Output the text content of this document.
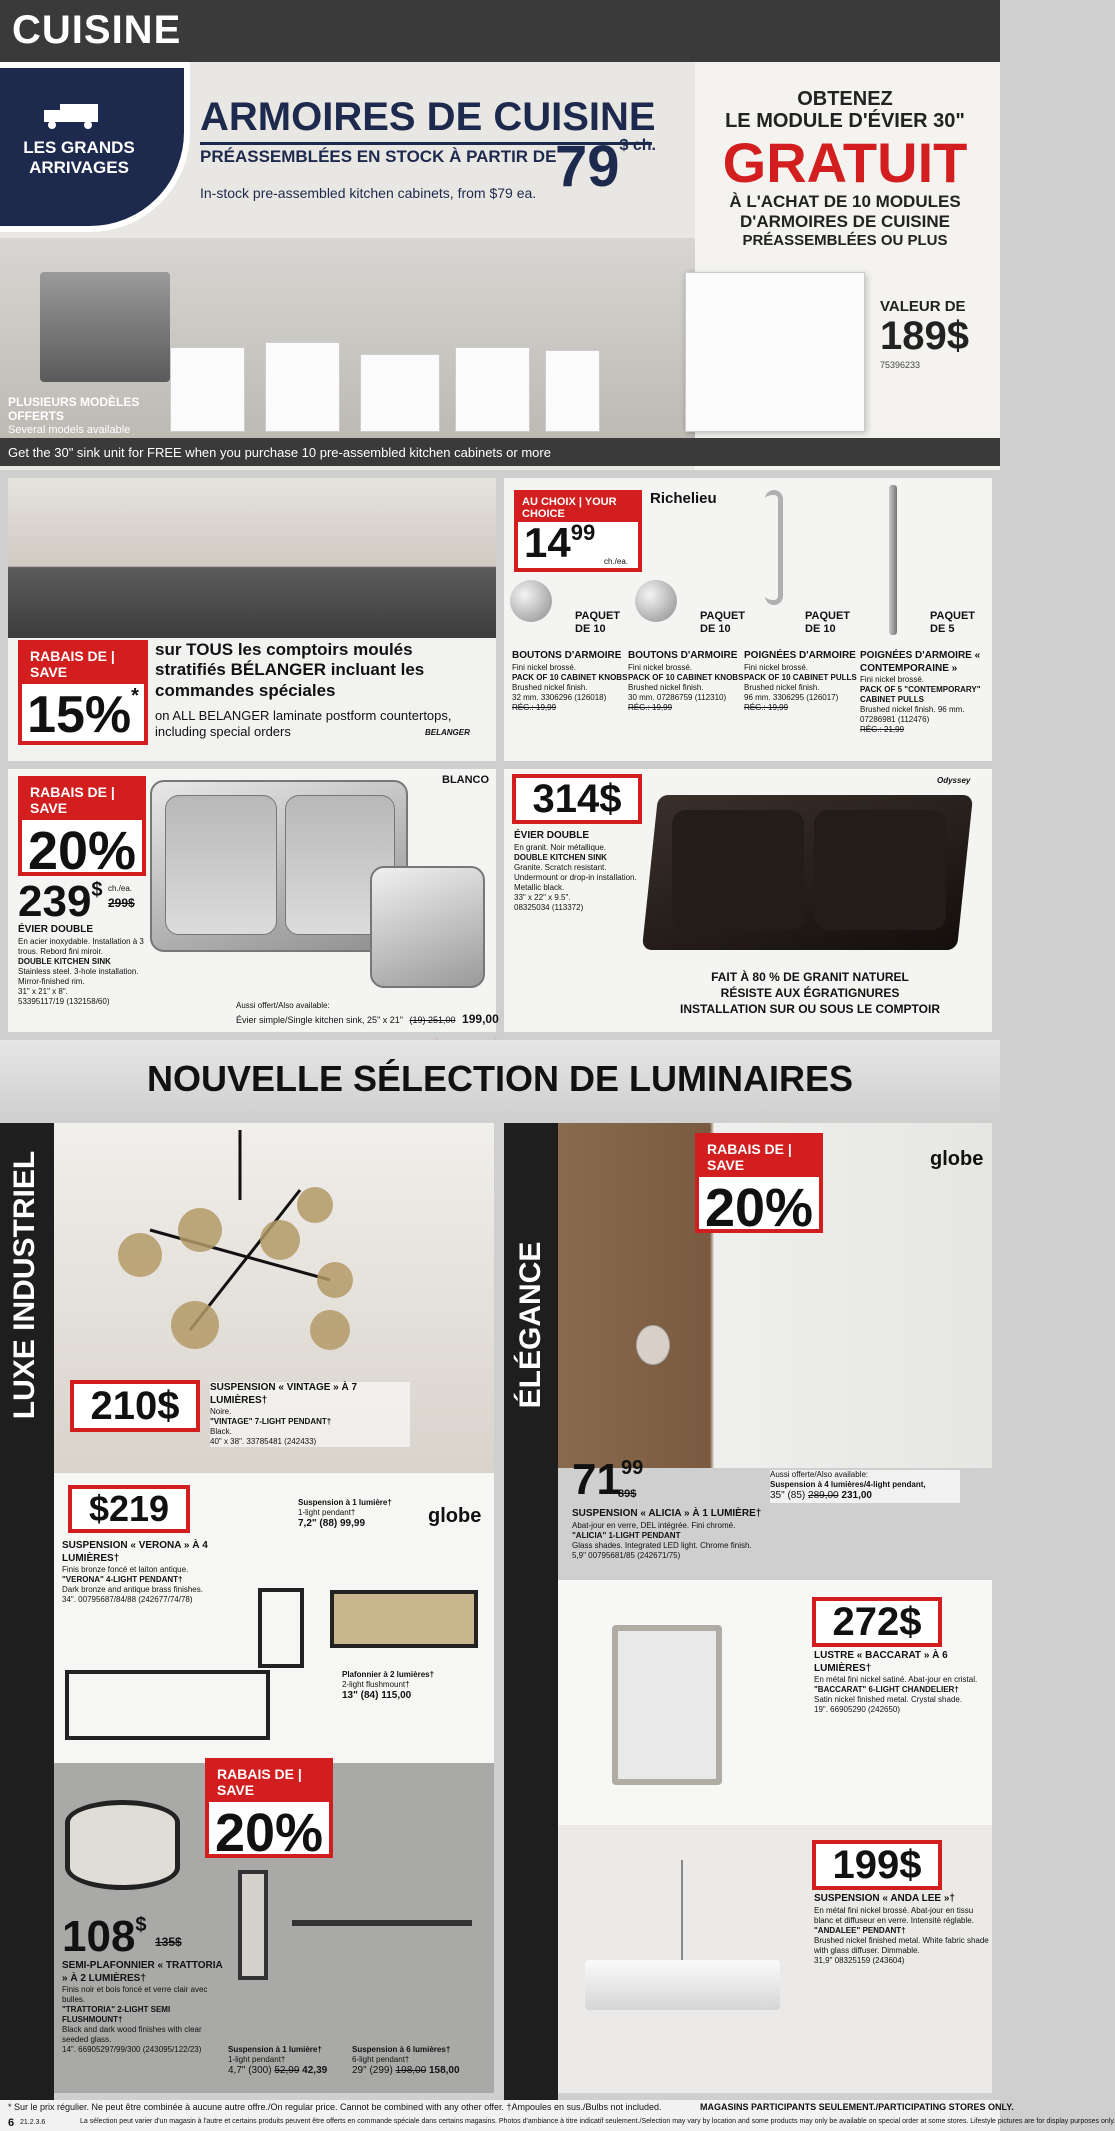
CUISINE
LES GRANDS ARRIVAGES
ARMOIRES DE CUISINE
PRÉASSEMBLÉES EN STOCK À PARTIR DE
$79^{\$ ch.}$
In-stock pre-assembled kitchen cabinets, from $79 ea.
OBTENEZ
LE MODULE D'ÉVIER 30"
GRATUIT
À L'ACHAT DE 10 MODULES
D'ARMOIRES DE CUISINE
PRÉASSEMBLÉES OU PLUS
VALEUR DE
189$
75396233
PLUSIEURS MODÈLES OFFERTS
Several models available
Get the 30" sink unit for FREE when you purchase 10 pre-assembled kitchen cabinets or more
RABAIS DE | SAVE
15%*
sur TOUS les comptoirs moulés stratifiés BÉLANGER incluant les commandes spéciales
on ALL BELANGER laminate postform countertops, including special orders	BELANGER
AU CHOIX | YOUR CHOICE
$14^{99}$
ch./ea.
Richelieu
PAQUET DE 10
PAQUET DE 10
PAQUET DE 10
PAQUET DE 5
BOUTONS D'ARMOIRE
Fini nickel brossé.
PACK OF 10 CABINET KNOBS
Brushed nickel finish.
32 mm. 3306296 (126018)
RÉG.: 19,99
BOUTONS D'ARMOIRE
Fini nickel brossé.
PACK OF 10 CABINET KNOBS
Brushed nickel finish.
30 mm. 07286759 (112310)
RÉG.: 19,99
POIGNÉES D'ARMOIRE
Fini nickel brossé.
PACK OF 10 CABINET PULLS
Brushed nickel finish.
96 mm. 3306295 (126017)
RÉG.: 19,99
POIGNÉES D'ARMOIRE « CONTEMPORAINE »
Fini nickel brossé.
PACK OF 5 "CONTEMPORARY" CABINET PULLS
Brushed nickel finish. 96 mm.
07286981 (112476)
RÉG.: 21,99
RABAIS DE | SAVE
20%
239$ ch./ea.
299$
ÉVIER DOUBLE
En acier inoxydable. Installation à 3 trous. Rebord fini miroir.
DOUBLE KITCHEN SINK
Stainless steel. 3-hole installation. Mirror-finished rim.
31" x 21" x 8".
53395117/19 (132158/60)
BLANCO
Aussi offert/Also available:
Évier simple/Single kitchen sink, 25" x 21" (19) 251,00 199,00
314$
ÉVIER DOUBLE
En granit. Noir métallique.
DOUBLE KITCHEN SINK
Granite. Scratch resistant. Undermount or drop-in installation. Metallic black.
33" x 22" x 9.5".
08325034 (113372)
Odyssey
FAIT À 80 % DE GRANIT NATUREL
RÉSISTE AUX ÉGRATIGNURES
INSTALLATION SUR OU SOUS LE COMPTOIR
NOUVELLE SÉLECTION DE LUMINAIRES
LUXE INDUSTRIEL	210$	SUSPENSION « VINTAGE » À 7 LUMIÈRES†
Noire.
"VINTAGE" 7-LIGHT PENDANT†
Black.
40" x 38". 33785481 (242433)
$219	globe
SUSPENSION « VERONA » À 4 LUMIÈRES†
Finis bronze foncé et laiton antique.
"VERONA" 4-LIGHT PENDANT†
Dark bronze and antique brass finishes.
34". 00795687/84/88 (242677/74/78)
Suspension à 1 lumière†
1-light pendant†
7,2" (88) 99,99
Plafonnier à 2 lumières†
2-light flushmount†
13" (84) 115,00
RABAIS DE | SAVE
20%
108$
135$
SEMI-PLAFONNIER « TRATTORIA » À 2 LUMIÈRES†
Finis noir et bois foncé et verre clair avec bulles.
"TRATTORIA" 2-LIGHT SEMI FLUSHMOUNT†
Black and dark wood finishes with clear seeded glass.
14". 66905297/99/300 (243095/122/23)	Suspension à 1 lumière†
1-light pendant†
4,7" (300) 52,99 42,39
Suspension à 6 lumières†
6-light pendant†
29" (299) 198,00 158,00
ÉLÉGANCE
RABAIS DE | SAVE
20%
globe
$71^{99}$
89$
SUSPENSION « ALICIA » À 1 LUMIÈRE†
Abat-jour en verre, DEL intégrée. Fini chromé.
"ALICIA" 1-LIGHT PENDANT
Glass shades. Integrated LED light. Chrome finish.
5,9" 00795681/85 (242671/75)
Aussi offerte/Also available:
Suspension à 4 lumières/4-light pendant,
35" (85) 289,00 231,00
272$
LUSTRE « BACCARAT » À 6 LUMIÈRES†
En métal fini nickel satiné. Abat-jour en cristal.
"BACCARAT" 6-LIGHT CHANDELIER†
Satin nickel finished metal. Crystal shade.
19". 66905290 (242650)
199$
SUSPENSION « ANDA LEE »†
En métal fini nickel brossé. Abat-jour en tissu blanc et diffuseur en verre. Intensité réglable.
"ANDALEE" PENDANT†
Brushed nickel finished metal. White fabric shade with glass diffuser. Dimmable.
31,9" 08325159 (243604)
* Sur le prix régulier. Ne peut être combinée à aucune autre offre./On regular price. Cannot be combined with any other offer. †Ampoules en sus./Bulbs not included.	MAGASINS PARTICIPANTS SEULEMENT./PARTICIPATING STORES ONLY.
6 21.2.3.6	La sélection peut varier d'un magasin à l'autre et certains produits peuvent être offerts en commande spéciale dans certains magasins. Photos d'ambiance à titre indicatif seulement./Selection may vary by location and some products may only be available on special order at some stores. Lifestyle pictures are for display purposes only.
